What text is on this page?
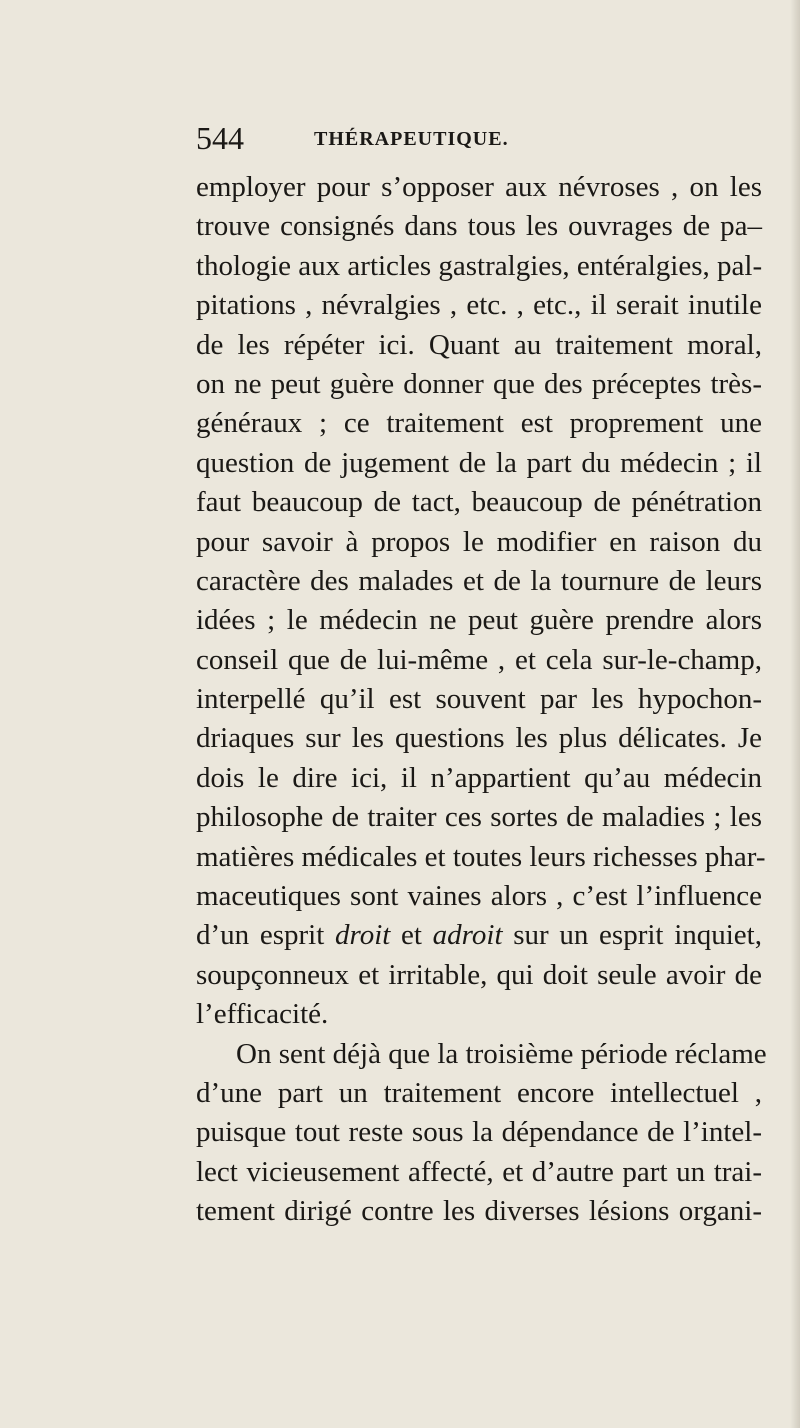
544	THÉRAPEUTIQUE.
employer pour s’opposer aux névroses , on les
trouve consignés dans tous les ouvrages de pa–
thologie aux articles gastralgies, entéralgies, pal-
pitations , névralgies , etc. , etc., il serait inutile
de les répéter ici. Quant au traitement moral,
on ne peut guère donner que des préceptes très-
généraux ; ce traitement est proprement une
question de jugement de la part du médecin ; il
faut beaucoup de tact, beaucoup de pénétration
pour savoir à propos le modifier en raison du
caractère des malades et de la tournure de leurs
idées ; le médecin ne peut guère prendre alors
conseil que de lui-même , et cela sur-le-champ,
interpellé qu’il est souvent par les hypochon-
driaques sur les questions les plus délicates. Je
dois le dire ici, il n’appartient qu’au médecin
philosophe de traiter ces sortes de maladies ; les
matières médicales et toutes leurs richesses phar-
maceutiques sont vaines alors , c’est l’influence
d’un esprit droit et adroit sur un esprit inquiet,
soupçonneux et irritable, qui doit seule avoir de
l’efficacité.
On sent déjà que la troisième période réclame
d’une part un traitement encore intellectuel ,
puisque tout reste sous la dépendance de l’intel-
lect vicieusement affecté, et d’autre part un trai-
tement dirigé contre les diverses lésions organi-
